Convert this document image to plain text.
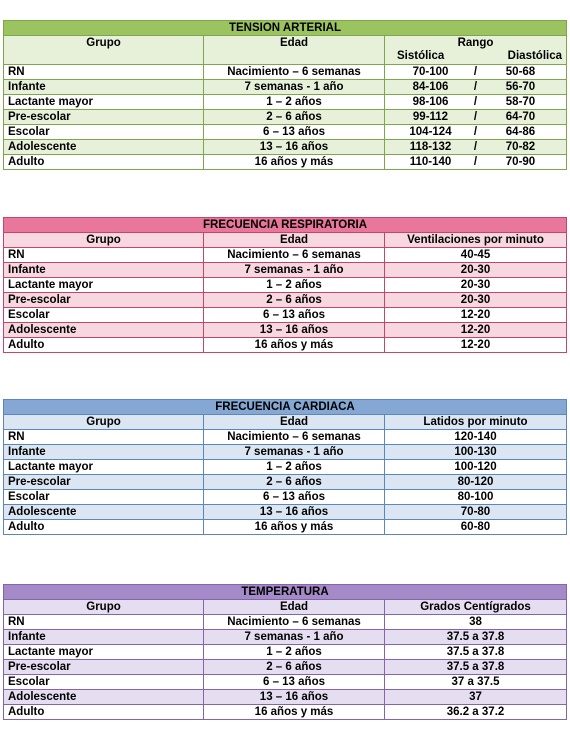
TENSION ARTERIAL		
Grupo	Edad	Rango
Sistólica Diastólica

RN	Nacimiento – 6 semanas	70-100 / 50-68

Infante	7 semanas - 1 año	84-106 / 56-70

Lactante mayor	1 – 2 años	98-106 / 58-70

Pre-escolar	2 – 6 años	99-112 / 64-70

Escolar	6 – 13 años	104-124 / 64-86

Adolescente	13 – 16 años	118-132 / 70-82

Adulto	16 años y más	110-140 / 70-90
FRECUENCIA RESPIRATORIA		
Grupo	Edad	Ventilaciones por minuto
RN	Nacimiento – 6 semanas	40-45
Infante	7 semanas - 1 año	20-30
Lactante mayor	1 – 2 años	20-30
Pre-escolar	2 – 6 años	20-30
Escolar	6 – 13 años	12-20
Adolescente	13 – 16 años	12-20
Adulto	16 años y más	12-20
FRECUENCIA CARDIACA		
Grupo	Edad	Latidos por minuto
RN	Nacimiento – 6 semanas	120-140
Infante	7 semanas - 1 año	100-130
Lactante mayor	1 – 2 años	100-120
Pre-escolar	2 – 6 años	80-120
Escolar	6 – 13 años	80-100
Adolescente	13 – 16 años	70-80
Adulto	16 años y más	60-80
TEMPERATURA		
Grupo	Edad	Grados Centígrados
RN	Nacimiento – 6 semanas	38
Infante	7 semanas - 1 año	37.5 a 37.8
Lactante mayor	1 – 2 años	37.5 a 37.8
Pre-escolar	2 – 6 años	37.5 a 37.8
Escolar	6 – 13 años	37 a 37.5
Adolescente	13 – 16 años	37
Adulto	16 años y más	36.2 a 37.2
